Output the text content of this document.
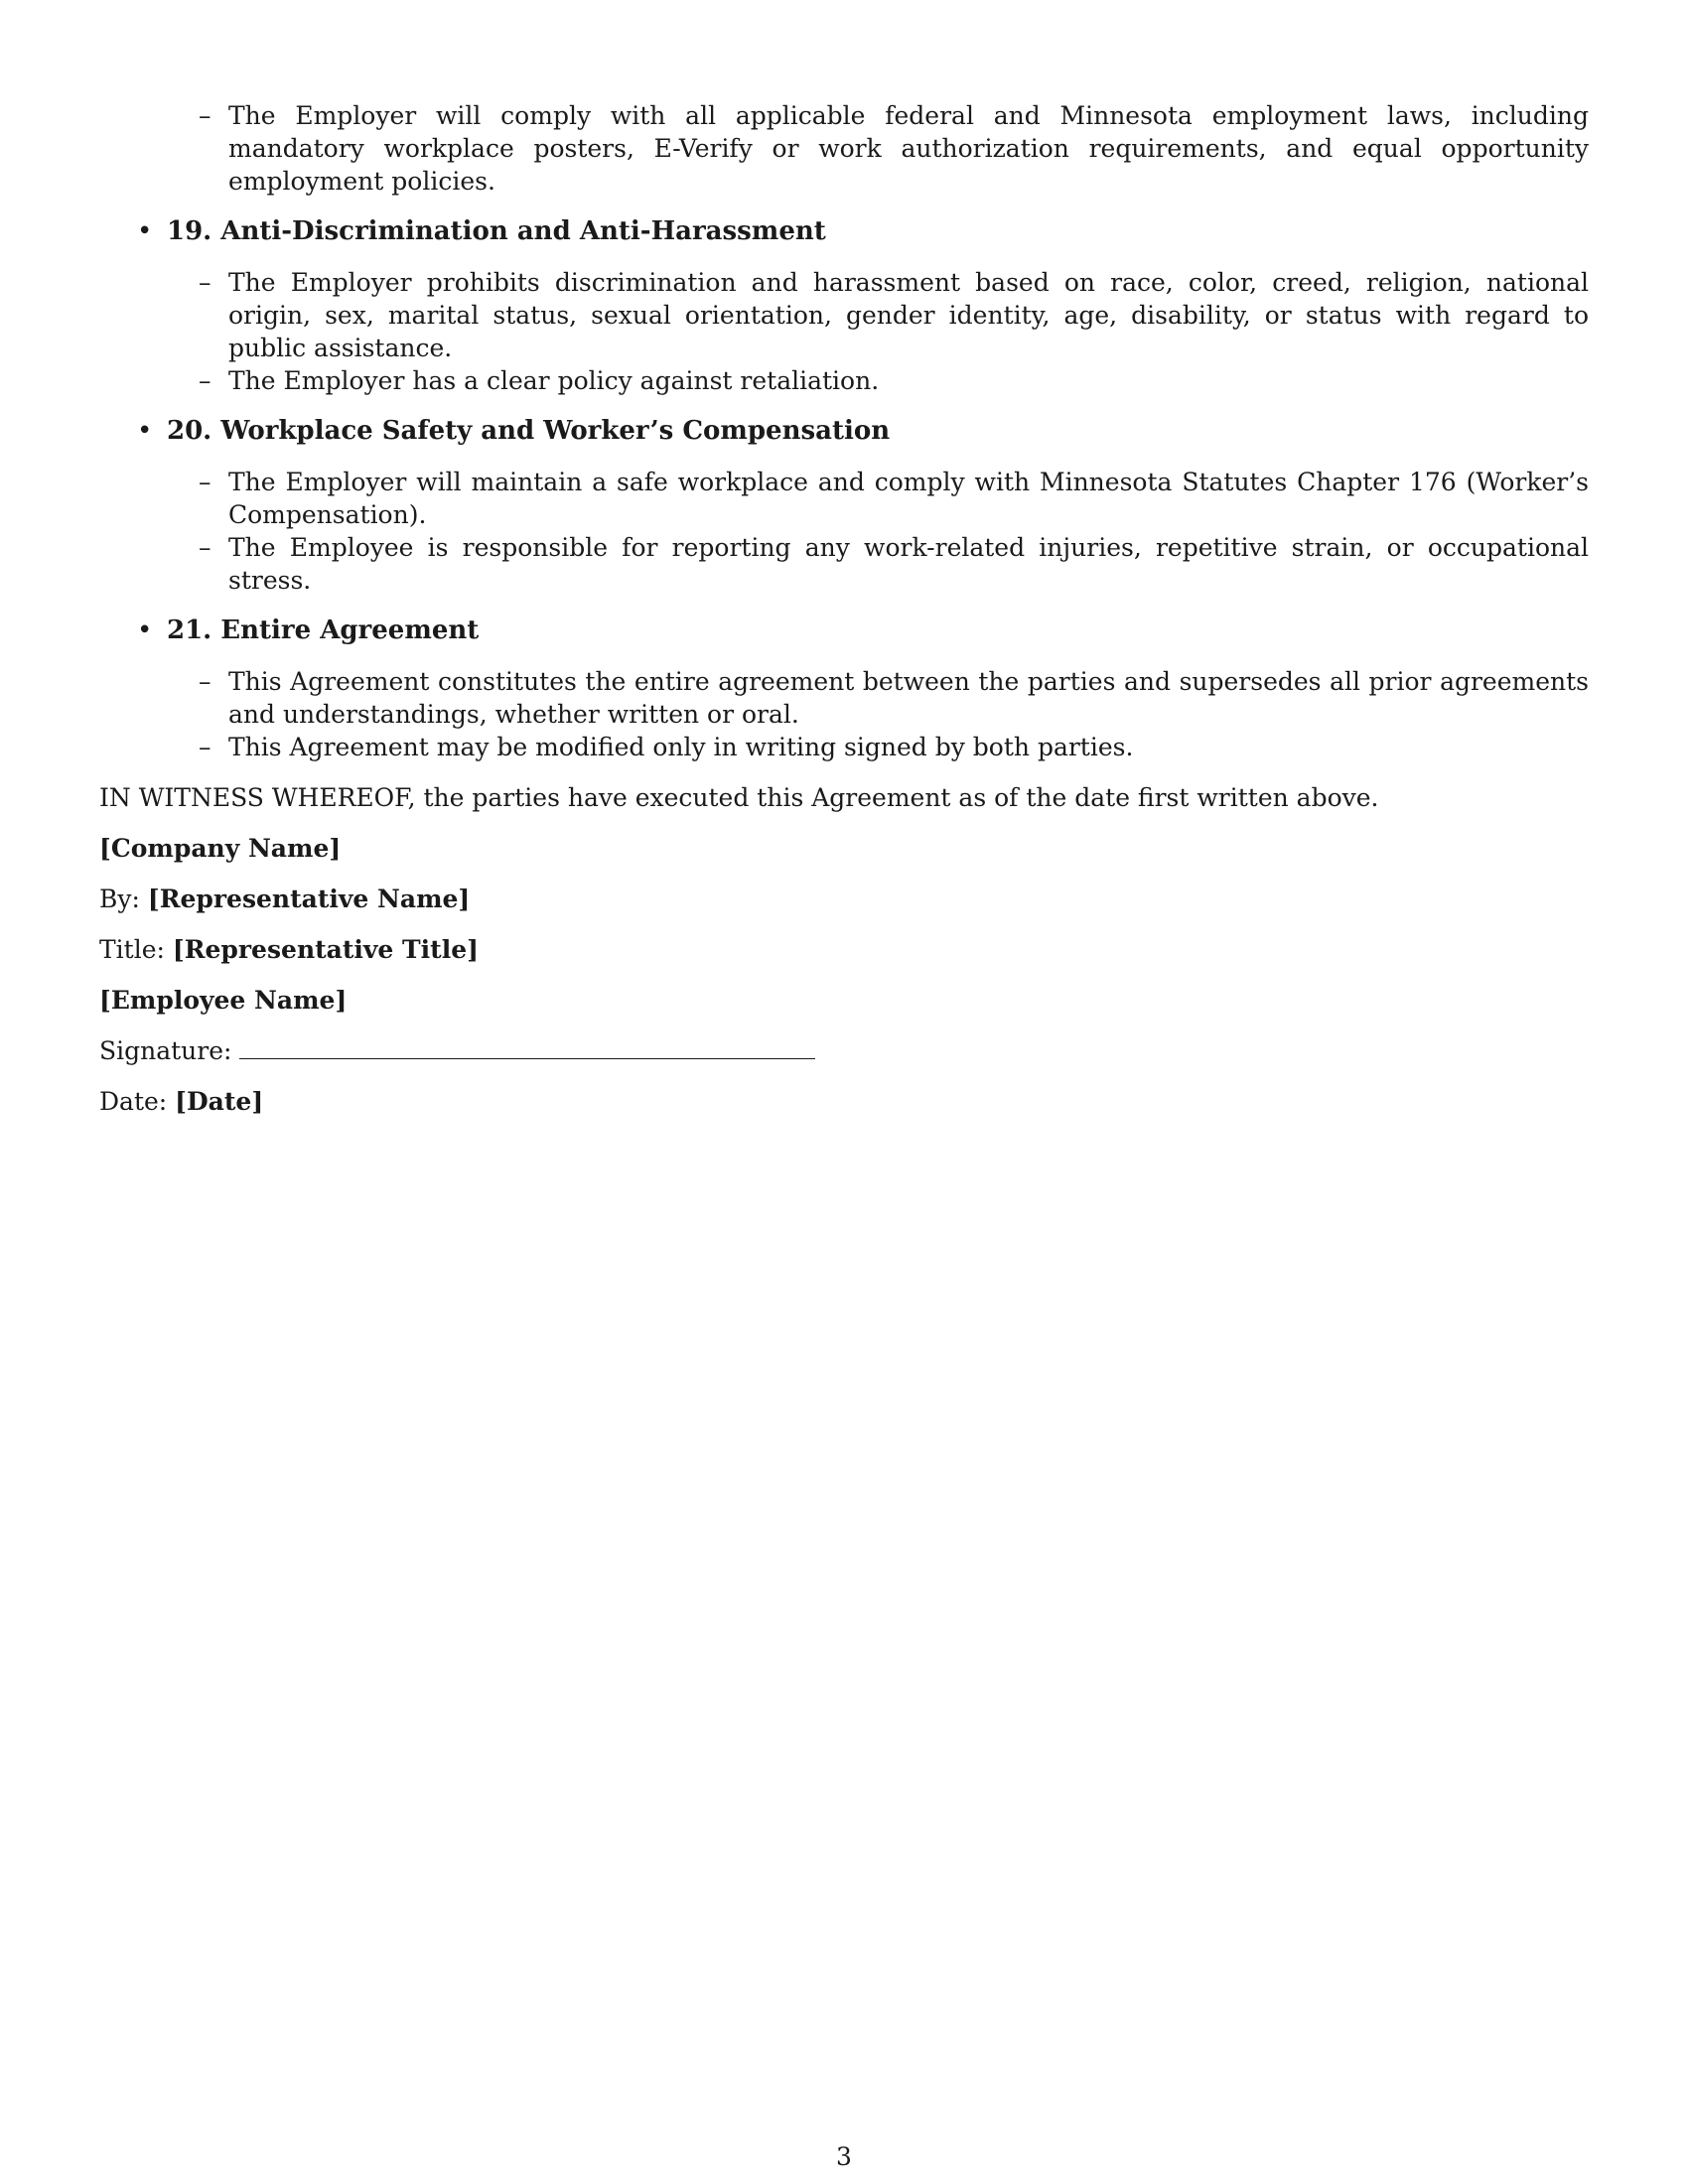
– The Employer will comply with all applicable federal and Minnesota employment laws, including mandatory workplace posters, E-Verify or work authorization requirements, and equal opportunity employment policies.
• 19. Anti-Discrimination and Anti-Harassment
– The Employer prohibits discrimination and harassment based on race, color, creed, religion, national origin, sex, marital status, sexual orientation, gender identity, age, disability, or status with regard to public assistance.
– The Employer has a clear policy against retaliation.
• 20. Workplace Safety and Worker’s Compensation
– The Employer will maintain a safe workplace and comply with Minnesota Statutes Chapter 176 (Worker’s Compensation).
– The Employee is responsible for reporting any work-related injuries, repetitive strain, or occupational stress.
• 21. Entire Agreement
– This Agreement constitutes the entire agreement between the parties and supersedes all prior agreements and understandings, whether written or oral.
– This Agreement may be modified only in writing signed by both parties.
IN WITNESS WHEREOF, the parties have executed this Agreement as of the date first written above.
[Company Name]
By: [Representative Name]
Title: [Representative Title]
[Employee Name]
Signature:
Date: [Date]
3
